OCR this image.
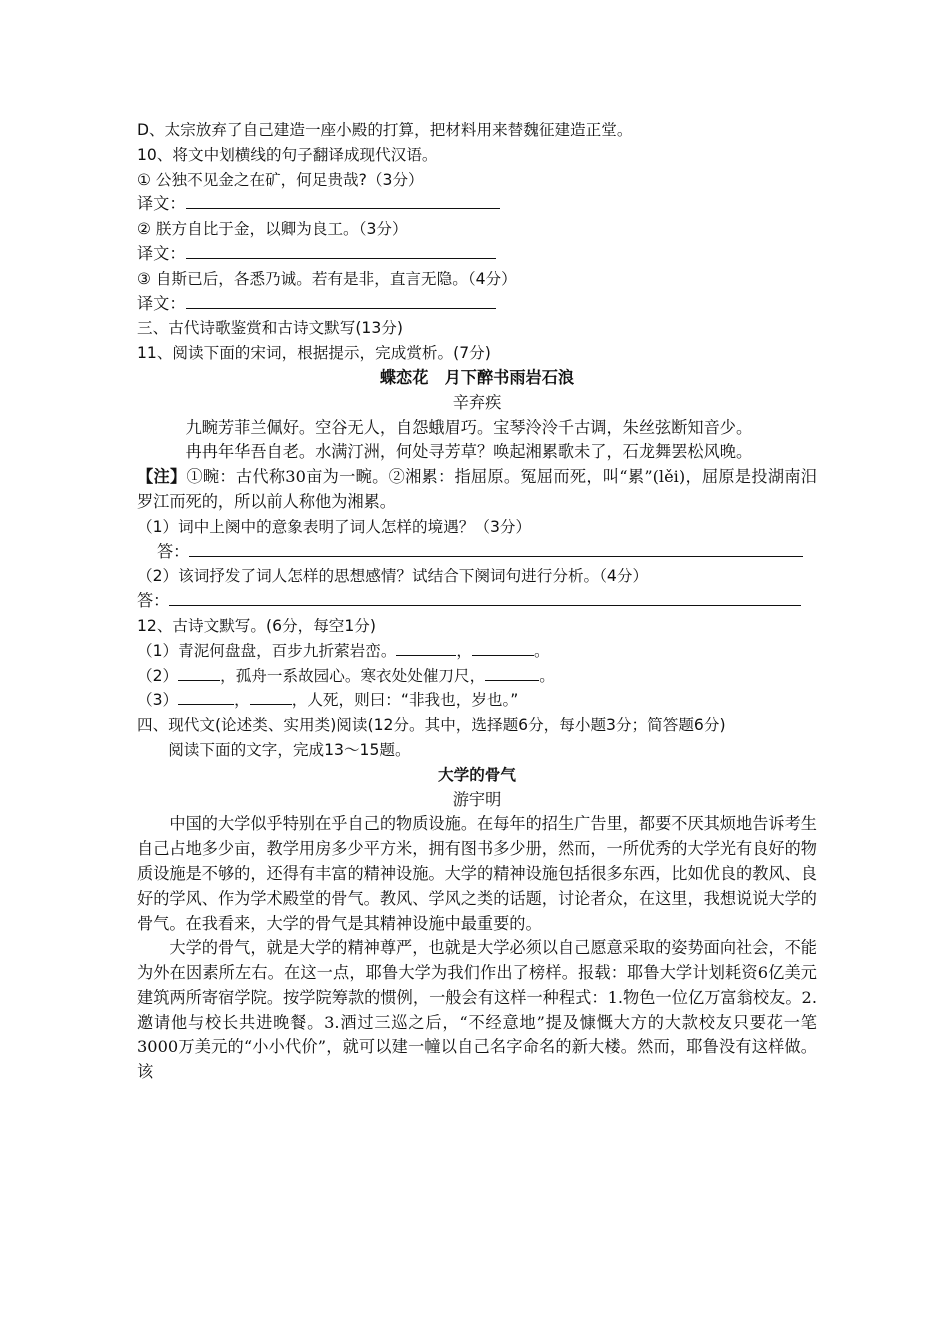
D、太宗放弃了自己建造一座小殿的打算，把材料用来替魏征建造正堂。

10、将文中划横线的句子翻译成现代汉语。

① 公独不见金之在矿，何足贵哉?（3分）

译文：

② 朕方自比于金，以卿为良工。（3分）

译文：

③ 自斯已后，各悉乃诚。若有是非，直言无隐。（4分）

译文：

三、古代诗歌鉴赏和古诗文默写(13分)

11、阅读下面的宋词，根据提示，完成赏析。(7分)

蝶恋花　月下醉书雨岩石浪

辛弃疾

九畹芳菲兰佩好。空谷无人，自怨蛾眉巧。宝琴泠泠千古调，朱丝弦断知音少。

冉冉年华吾自老。水满汀洲，何处寻芳草？唤起湘累歌未了，石龙舞罢松风晚。

【注】①畹：古代称30亩为一畹。②湘累：指屈原。冤屈而死，叫“累”(lěi)，屈原是投湖南汨罗江而死的，所以前人称他为湘累。

（1）词中上阕中的意象表明了词人怎样的境遇？（3分）

答：

（2）该词抒发了词人怎样的思想感情？试结合下阕词句进行分析。（4分）

答：

12、古诗文默写。(6分，每空1分)

（1）青泥何盘盘，百步九折萦岩峦。	，	。

（2）	，孤舟一系故园心。寒衣处处催刀尺，	。

（3）	，	，人死，则曰：“非我也，岁也。”

四、现代文(论述类、实用类)阅读(12分。其中，选择题6分，每小题3分；简答题6分)

阅读下面的文字，完成13～15题。

大学的骨气

游宇明

中国的大学似乎特别在乎自己的物质设施。在每年的招生广告里，都要不厌其烦地告诉考生自己占地多少亩，教学用房多少平方米，拥有图书多少册，然而，一所优秀的大学光有良好的物质设施是不够的，还得有丰富的精神设施。大学的精神设施包括很多东西，比如优良的教风、良好的学风、作为学术殿堂的骨气。教风、学风之类的话题，讨论者众，在这里，我想说说大学的骨气。在我看来，大学的骨气是其精神设施中最重要的。

大学的骨气，就是大学的精神尊严，也就是大学必须以自己愿意采取的姿势面向社会，不能为外在因素所左右。在这一点，耶鲁大学为我们作出了榜样。报载：耶鲁大学计划耗资6亿美元建筑两所寄宿学院。按学院筹款的惯例，一般会有这样一种程式：1.物色一位亿万富翁校友。2.邀请他与校长共进晚餐。3.酒过三巡之后，“不经意地”提及慷慨大方的大款校友只要花一笔3000万美元的“小小代价”，就可以建一幢以自己名字命名的新大楼。然而，耶鲁没有这样做。该
